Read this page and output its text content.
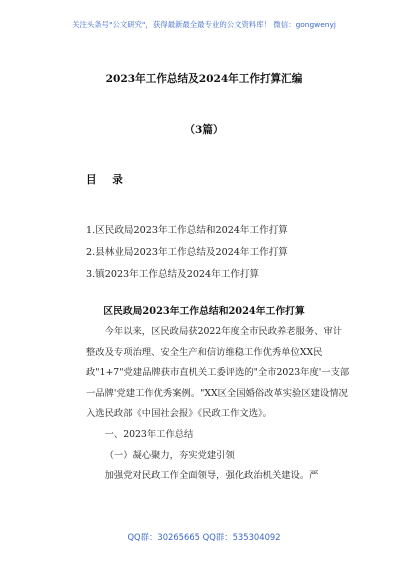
关注头条号"公文研究"，获得最新最全最专业的公文资料库！ 微信：gongwenyj
2023年工作总结及2024年工作打算汇编
（3篇）
目 录
1.区民政局2023年工作总结和2024年工作打算
2.县林业局2023年工作总结及2024年工作打算
3.镇2023年工作总结及2024年工作打算
区民政局2023年工作总结和2024年工作打算

今年以来，区民政局获2022年度全市民政养老服务、审计整改及专项治理、安全生产和信访维稳工作优秀单位XX民政"1+7"党建品牌获市直机关工委评选的"全市2023年度'一支部一品牌'党建工作优秀案例。"XX区全国婚俗改革实验区建设情况入选民政部《中国社会报》《民政工作文选》。

一、2023年工作总结

（一）凝心聚力，夯实党建引领

加强党对民政工作全面领导，强化政治机关建设。严

QQ群：30265665 QQ群：535304092
